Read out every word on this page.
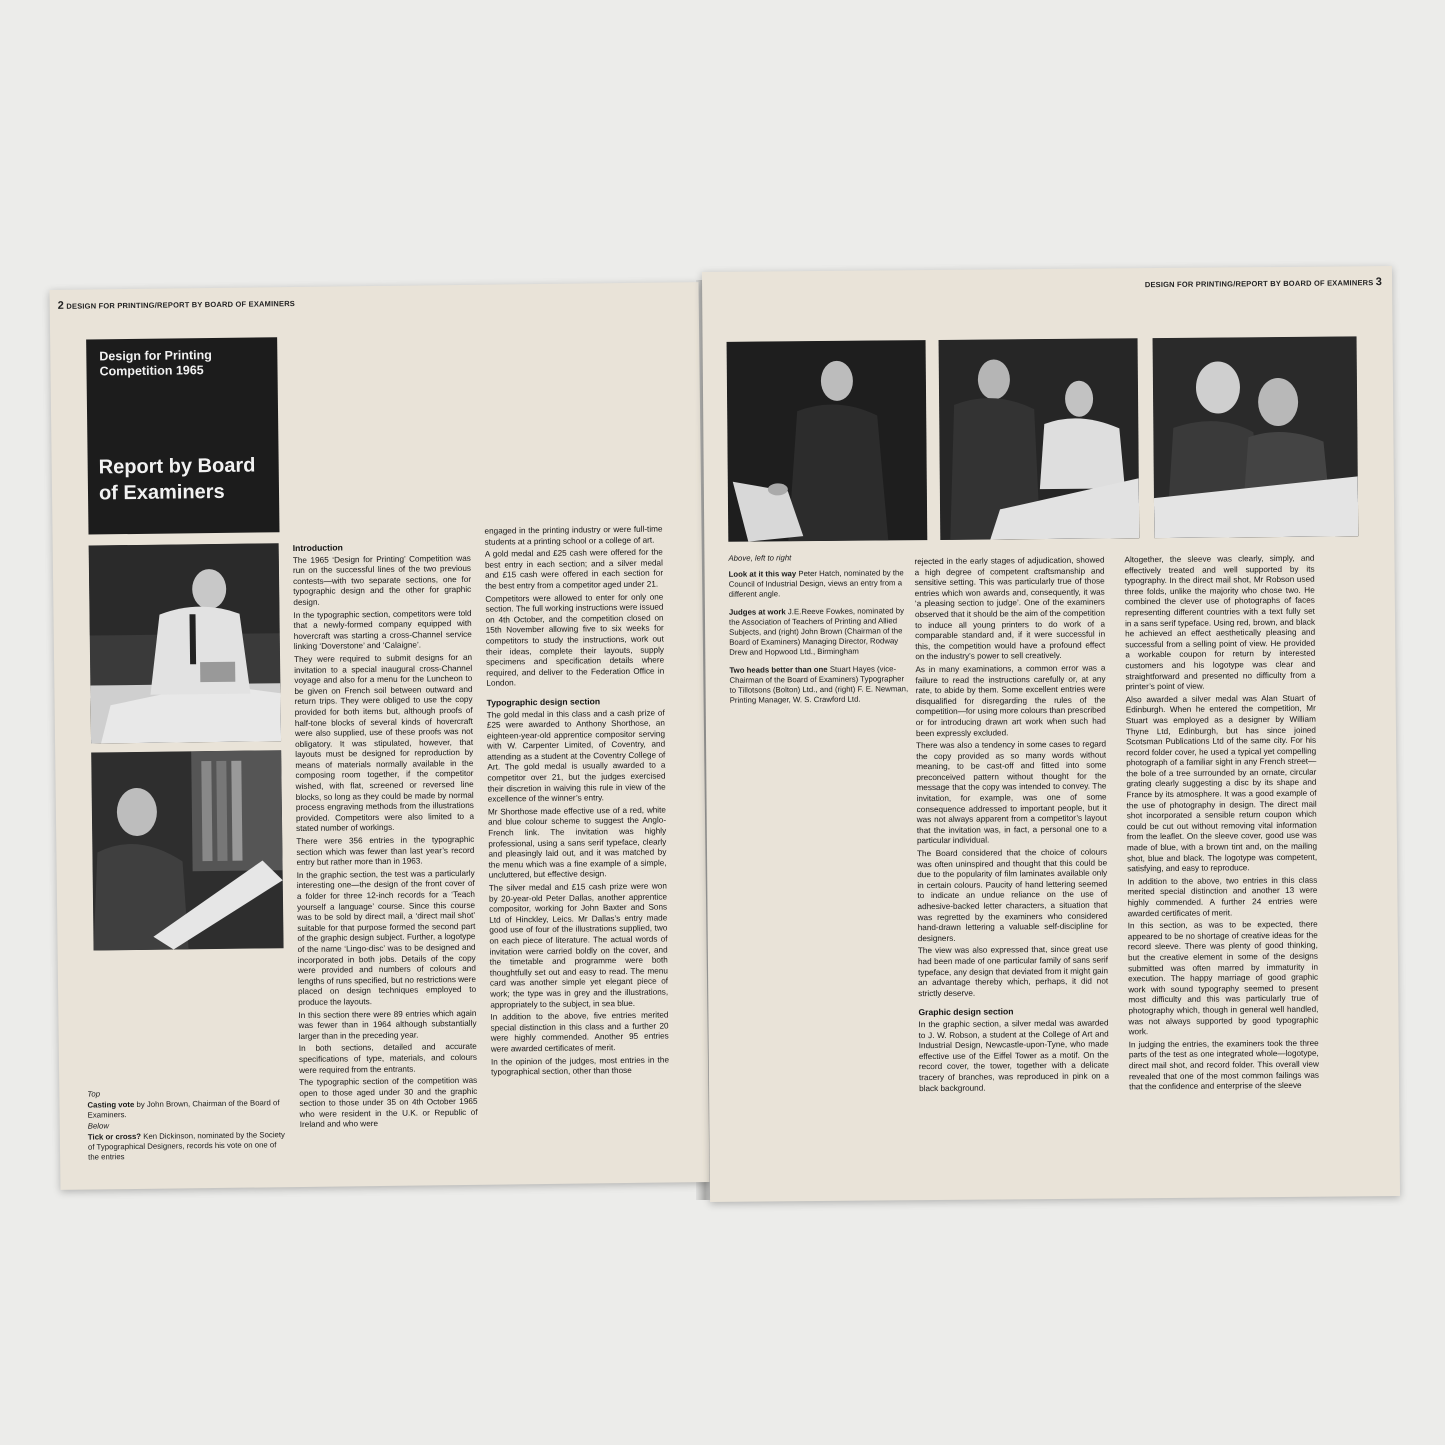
2 DESIGN FOR PRINTING/REPORT BY BOARD OF EXAMINERS
Design for Printing Competition 1965
Report by Board of Examiners

Top

Casting vote by John Brown, Chairman of the Board of Examiners.

Below

Tick or cross? Ken Dickinson, nominated by the Society of Typographical Designers, records his vote on one of the entries

Introduction

The 1965 ‘Design for Printing’ Competition was run on the successful lines of the two previous contests—with two separate sections, one for typographic design and the other for graphic design.

In the typographic section, competitors were told that a newly-formed company equipped with hovercraft was starting a cross-Channel service linking ‘Doverstone’ and ‘Calaigne’.

They were required to submit designs for an invitation to a special inaugural cross-Channel voyage and also for a menu for the Luncheon to be given on French soil between outward and return trips. They were obliged to use the copy provided for both items but, although proofs of half-tone blocks of several kinds of hovercraft were also supplied, use of these proofs was not obligatory. It was stipulated, however, that layouts must be designed for reproduction by means of materials normally available in the composing room together, if the competitor wished, with flat, screened or reversed line blocks, so long as they could be made by normal process engraving methods from the illustrations provided. Competitors were also limited to a stated number of workings.

There were 356 entries in the typographic section which was fewer than last year’s record entry but rather more than in 1963.

In the graphic section, the test was a particularly interesting one—the design of the front cover of a folder for three 12-inch records for a ‘Teach yourself a language’ course. Since this course was to be sold by direct mail, a ‘direct mail shot’ suitable for that purpose formed the second part of the graphic design subject. Further, a logotype of the name ‘Lingo-disc’ was to be designed and incorporated in both jobs. Details of the copy were provided and numbers of colours and lengths of runs specified, but no restrictions were placed on design techniques employed to produce the layouts.

In this section there were 89 entries which again was fewer than in 1964 although substantially larger than in the preceding year.

In both sections, detailed and accurate specifications of type, materials, and colours were required from the entrants.

The typographic section of the competition was open to those aged under 30 and the graphic section to those under 35 on 4th October 1965 who were resident in the U.K. or Republic of Ireland and who were

engaged in the printing industry or were full-time students at a printing school or a college of art.

A gold medal and £25 cash were offered for the best entry in each section; and a silver medal and £15 cash were offered in each section for the best entry from a competitor aged under 21.

Competitors were allowed to enter for only one section. The full working instructions were issued on 4th October, and the competition closed on 15th November allowing five to six weeks for competitors to study the instructions, work out their ideas, complete their layouts, supply specimens and specification details where required, and deliver to the Federation Office in London.

Typographic design section

The gold medal in this class and a cash prize of £25 were awarded to Anthony Shorthose, an eighteen-year-old apprentice compositor serving with W. Carpenter Limited, of Coventry, and attending as a student at the Coventry College of Art. The gold medal is usually awarded to a competitor over 21, but the judges exercised their discretion in waiving this rule in view of the excellence of the winner’s entry.

Mr Shorthose made effective use of a red, white and blue colour scheme to suggest the Anglo-French link. The invitation was highly professional, using a sans serif typeface, clearly and pleasingly laid out, and it was matched by the menu which was a fine example of a simple, uncluttered, but effective design.

The silver medal and £15 cash prize were won by 20-year-old Peter Dallas, another apprentice compositor, working for John Baxter and Sons Ltd of Hinckley, Leics. Mr Dallas’s entry made good use of four of the illustrations supplied, two on each piece of literature. The actual words of invitation were carried boldly on the cover, and the timetable and programme were both thoughtfully set out and easy to read. The menu card was another simple yet elegant piece of work; the type was in grey and the illustrations, appropriately to the subject, in sea blue.

In addition to the above, five entries merited special distinction in this class and a further 20 were highly commended. Another 95 entries were awarded certificates of merit.

In the opinion of the judges, most entries in the typographical section, other than those

DESIGN FOR PRINTING/REPORT BY BOARD OF EXAMINERS 3
Above, left to right
Look at it this way Peter Hatch, nominated by the Council of Industrial Design, views an entry from a different angle.
Judges at work J.E.Reeve Fowkes, nominated by the Association of Teachers of Printing and Allied Subjects, and (right) John Brown (Chairman of the Board of Examiners) Managing Director, Rodway Drew and Hopwood Ltd., Birmingham
Two heads better than one Stuart Hayes (vice-Chairman of the Board of Examiners) Typographer to Tillotsons (Bolton) Ltd., and (right) F. E. Newman, Printing Manager, W. S. Crawford Ltd.

rejected in the early stages of adjudication, showed a high degree of competent craftsmanship and sensitive setting. This was particularly true of those entries which won awards and, consequently, it was ‘a pleasing section to judge’. One of the examiners observed that it should be the aim of the competition to induce all young printers to do work of a comparable standard and, if it were successful in this, the competition would have a profound effect on the industry’s power to sell creatively.

As in many examinations, a common error was a failure to read the instructions carefully or, at any rate, to abide by them. Some excellent entries were disqualified for disregarding the rules of the competition—for using more colours than prescribed or for introducing drawn art work when such had been expressly excluded.

There was also a tendency in some cases to regard the copy provided as so many words without meaning, to be cast-off and fitted into some preconceived pattern without thought for the message that the copy was intended to convey. The invitation, for example, was one of some consequence addressed to important people, but it was not always apparent from a competitor’s layout that the invitation was, in fact, a personal one to a particular individual.

The Board considered that the choice of colours was often uninspired and thought that this could be due to the popularity of film laminates available only in certain colours. Paucity of hand lettering seemed to indicate an undue reliance on the use of adhesive-backed letter characters, a situation that was regretted by the examiners who considered hand-drawn lettering a valuable self-discipline for designers.

The view was also expressed that, since great use had been made of one particular family of sans serif typeface, any design that deviated from it might gain an advantage thereby which, perhaps, it did not strictly deserve.

Graphic design section

In the graphic section, a silver medal was awarded to J. W. Robson, a student at the College of Art and Industrial Design, Newcastle-upon-Tyne, who made effective use of the Eiffel Tower as a motif. On the record cover, the tower, together with a delicate tracery of branches, was reproduced in pink on a black background.

Altogether, the sleeve was clearly, simply, and effectively treated and well supported by its typography. In the direct mail shot, Mr Robson used three folds, unlike the majority who chose two. He combined the clever use of photographs of faces representing different countries with a text fully set in a sans serif typeface. Using red, brown, and black he achieved an effect aesthetically pleasing and successful from a selling point of view. He provided a workable coupon for return by interested customers and his logotype was clear and straightforward and presented no difficulty from a printer’s point of view.

Also awarded a silver medal was Alan Stuart of Edinburgh. When he entered the competition, Mr Stuart was employed as a designer by William Thyne Ltd, Edinburgh, but has since joined Scotsman Publications Ltd of the same city. For his record folder cover, he used a typical yet compelling photograph of a familiar sight in any French street—the bole of a tree surrounded by an ornate, circular grating clearly suggesting a disc by its shape and France by its atmosphere. It was a good example of the use of photography in design. The direct mail shot incorporated a sensible return coupon which could be cut out without removing vital information from the leaflet. On the sleeve cover, good use was made of blue, with a brown tint and, on the mailing shot, blue and black. The logotype was competent, satisfying, and easy to reproduce.

In addition to the above, two entries in this class merited special distinction and another 13 were highly commended. A further 24 entries were awarded certificates of merit.

In this section, as was to be expected, there appeared to be no shortage of creative ideas for the record sleeve. There was plenty of good thinking, but the creative element in some of the designs submitted was often marred by immaturity in execution. The happy marriage of good graphic work with sound typography seemed to present most difficulty and this was particularly true of photography which, though in general well handled, was not always supported by good typographic work.

In judging the entries, the examiners took the three parts of the test as one integrated whole—logotype, direct mail shot, and record folder. This overall view revealed that one of the most common failings was that the confidence and enterprise of the sleeve
